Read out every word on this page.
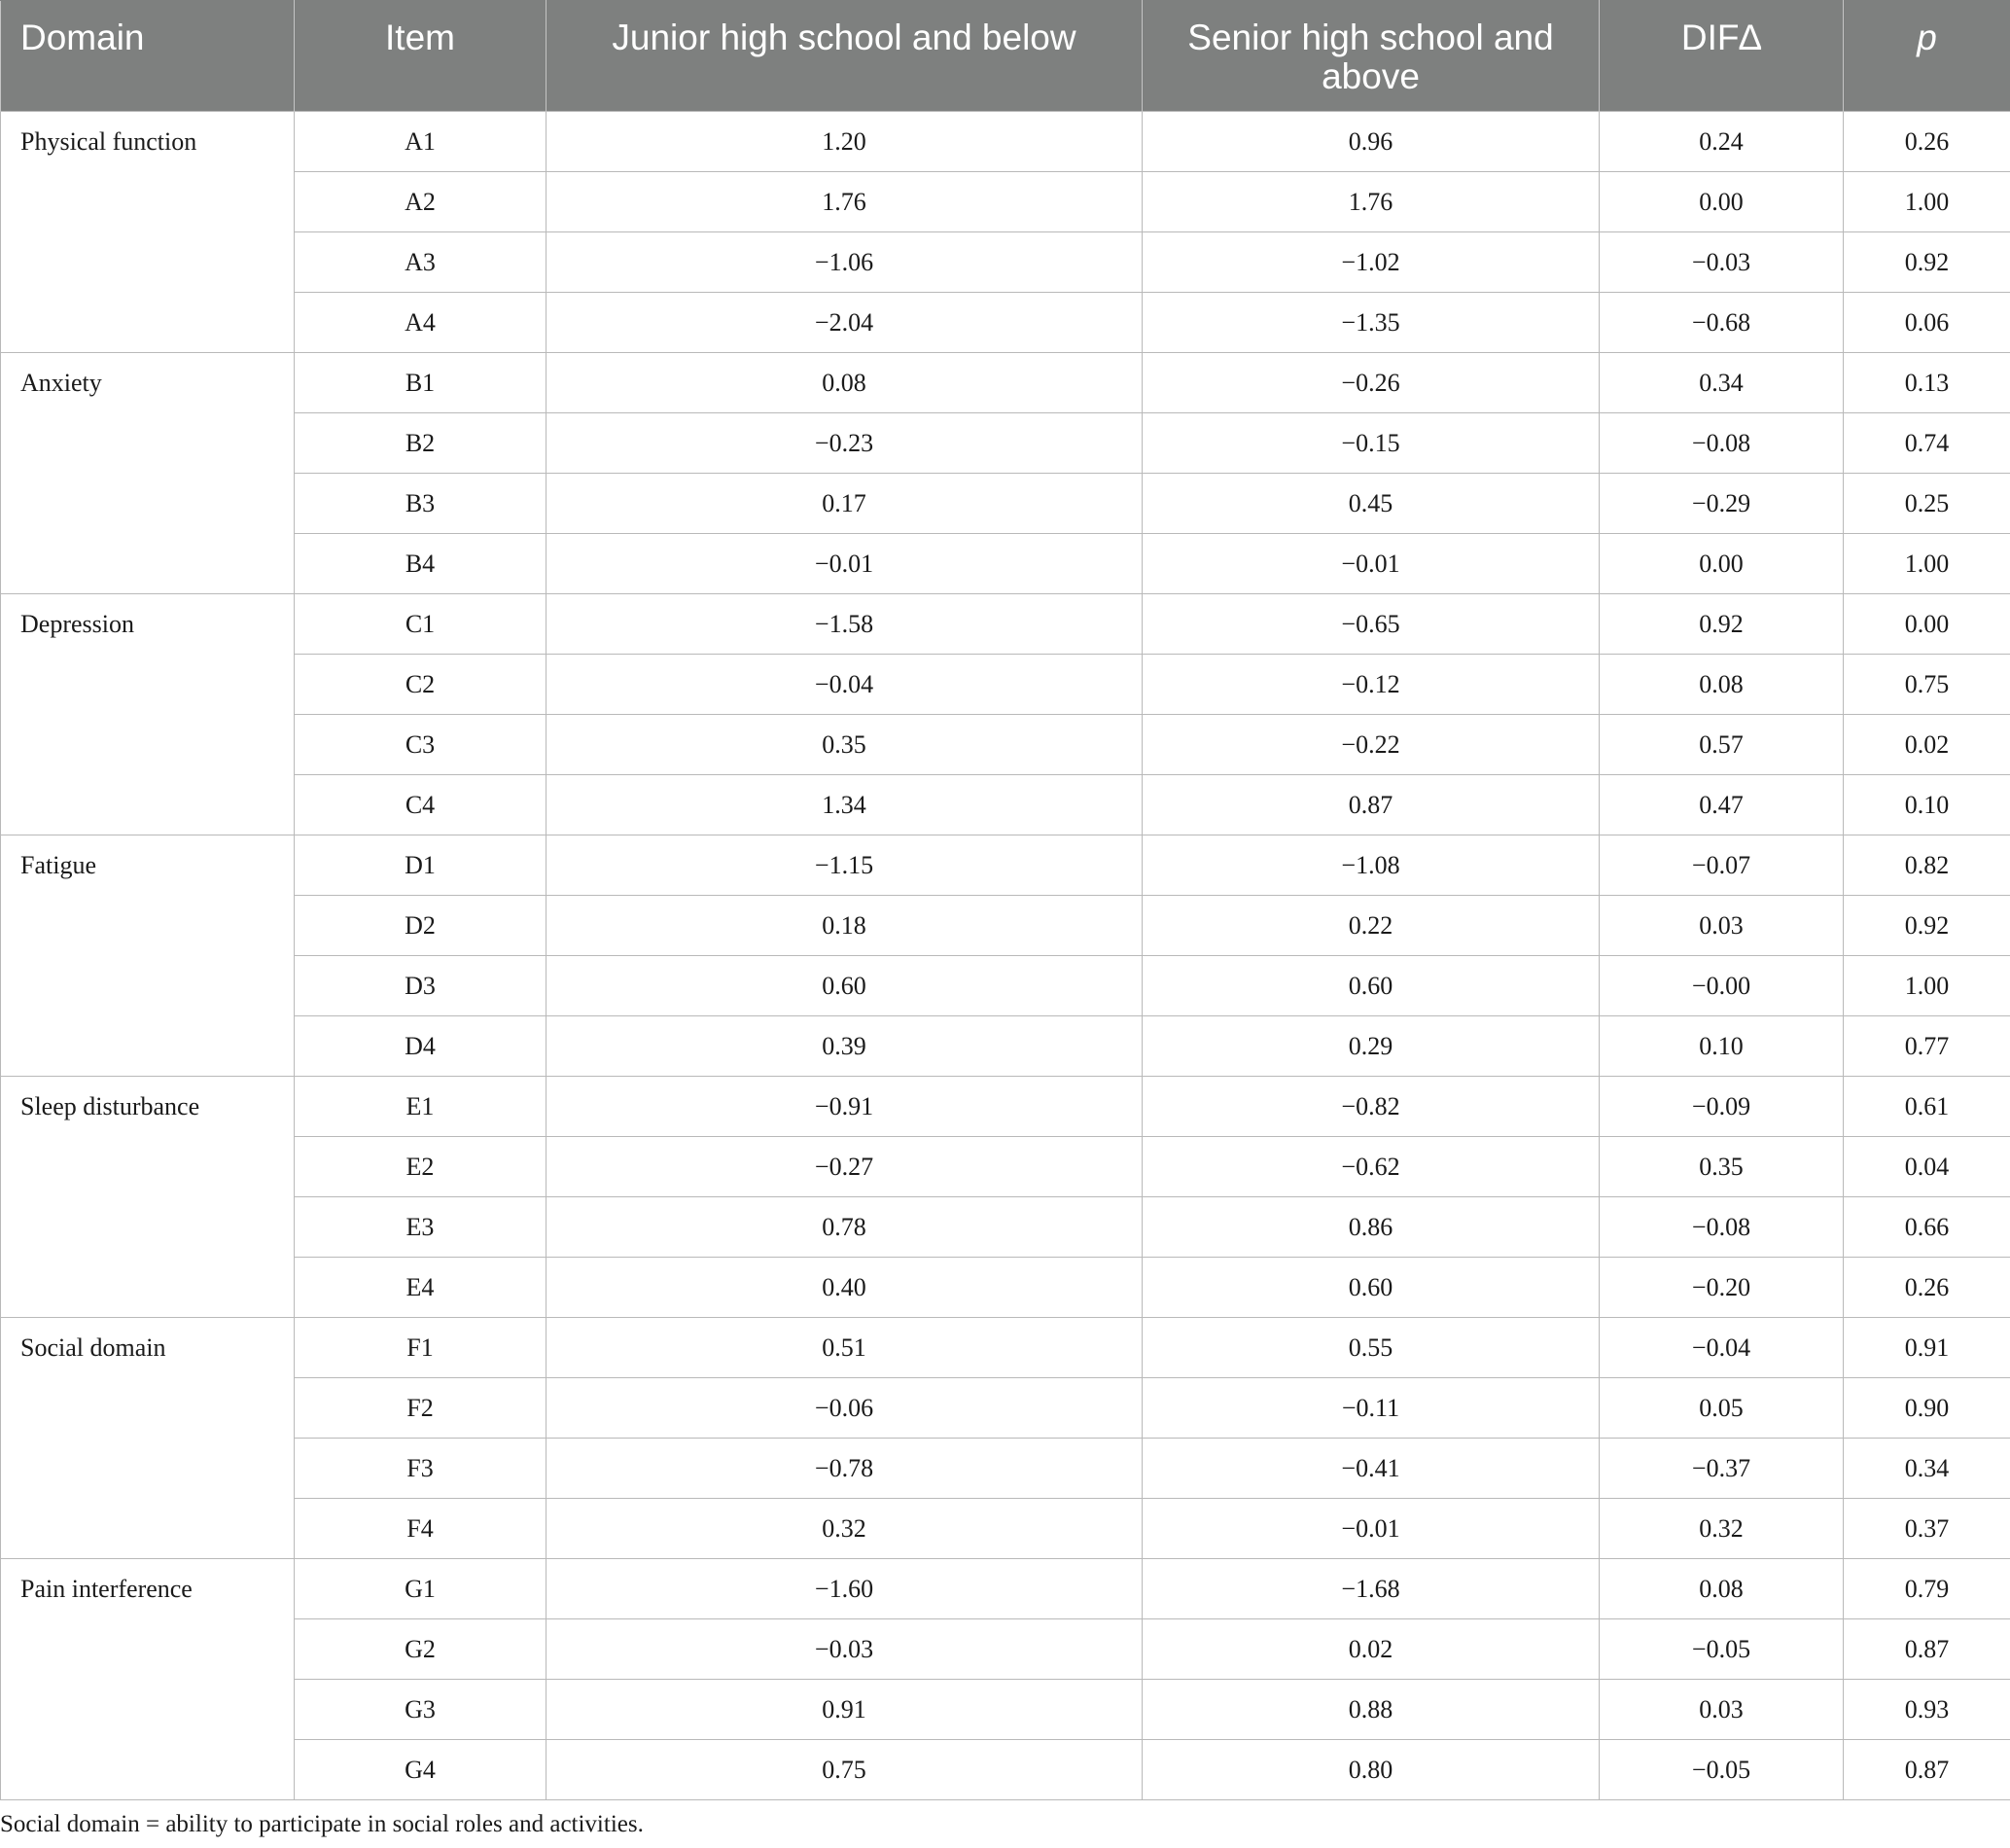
Domain	Item	Junior high school and below	Senior high school and above	DIF∆	p
Physical function	A1	1.20	0.96	0.24	0.26
	A2	1.76	1.76	0.00	1.00
	A3	−1.06	−1.02	−0.03	0.92
	A4	−2.04	−1.35	−0.68	0.06
Anxiety	B1	0.08	−0.26	0.34	0.13
	B2	−0.23	−0.15	−0.08	0.74
	B3	0.17	0.45	−0.29	0.25
	B4	−0.01	−0.01	0.00	1.00
Depression	C1	−1.58	−0.65	0.92	0.00
	C2	−0.04	−0.12	0.08	0.75
	C3	0.35	−0.22	0.57	0.02
	C4	1.34	0.87	0.47	0.10
Fatigue	D1	−1.15	−1.08	−0.07	0.82
	D2	0.18	0.22	0.03	0.92
	D3	0.60	0.60	−0.00	1.00
	D4	0.39	0.29	0.10	0.77
Sleep disturbance	E1	−0.91	−0.82	−0.09	0.61
	E2	−0.27	−0.62	0.35	0.04
	E3	0.78	0.86	−0.08	0.66
	E4	0.40	0.60	−0.20	0.26
Social domain	F1	0.51	0.55	−0.04	0.91
	F2	−0.06	−0.11	0.05	0.90
	F3	−0.78	−0.41	−0.37	0.34
	F4	0.32	−0.01	0.32	0.37
Pain interference	G1	−1.60	−1.68	0.08	0.79
	G2	−0.03	0.02	−0.05	0.87
	G3	0.91	0.88	0.03	0.93
	G4	0.75	0.80	−0.05	0.87
Social domain = ability to participate in social roles and activities.
